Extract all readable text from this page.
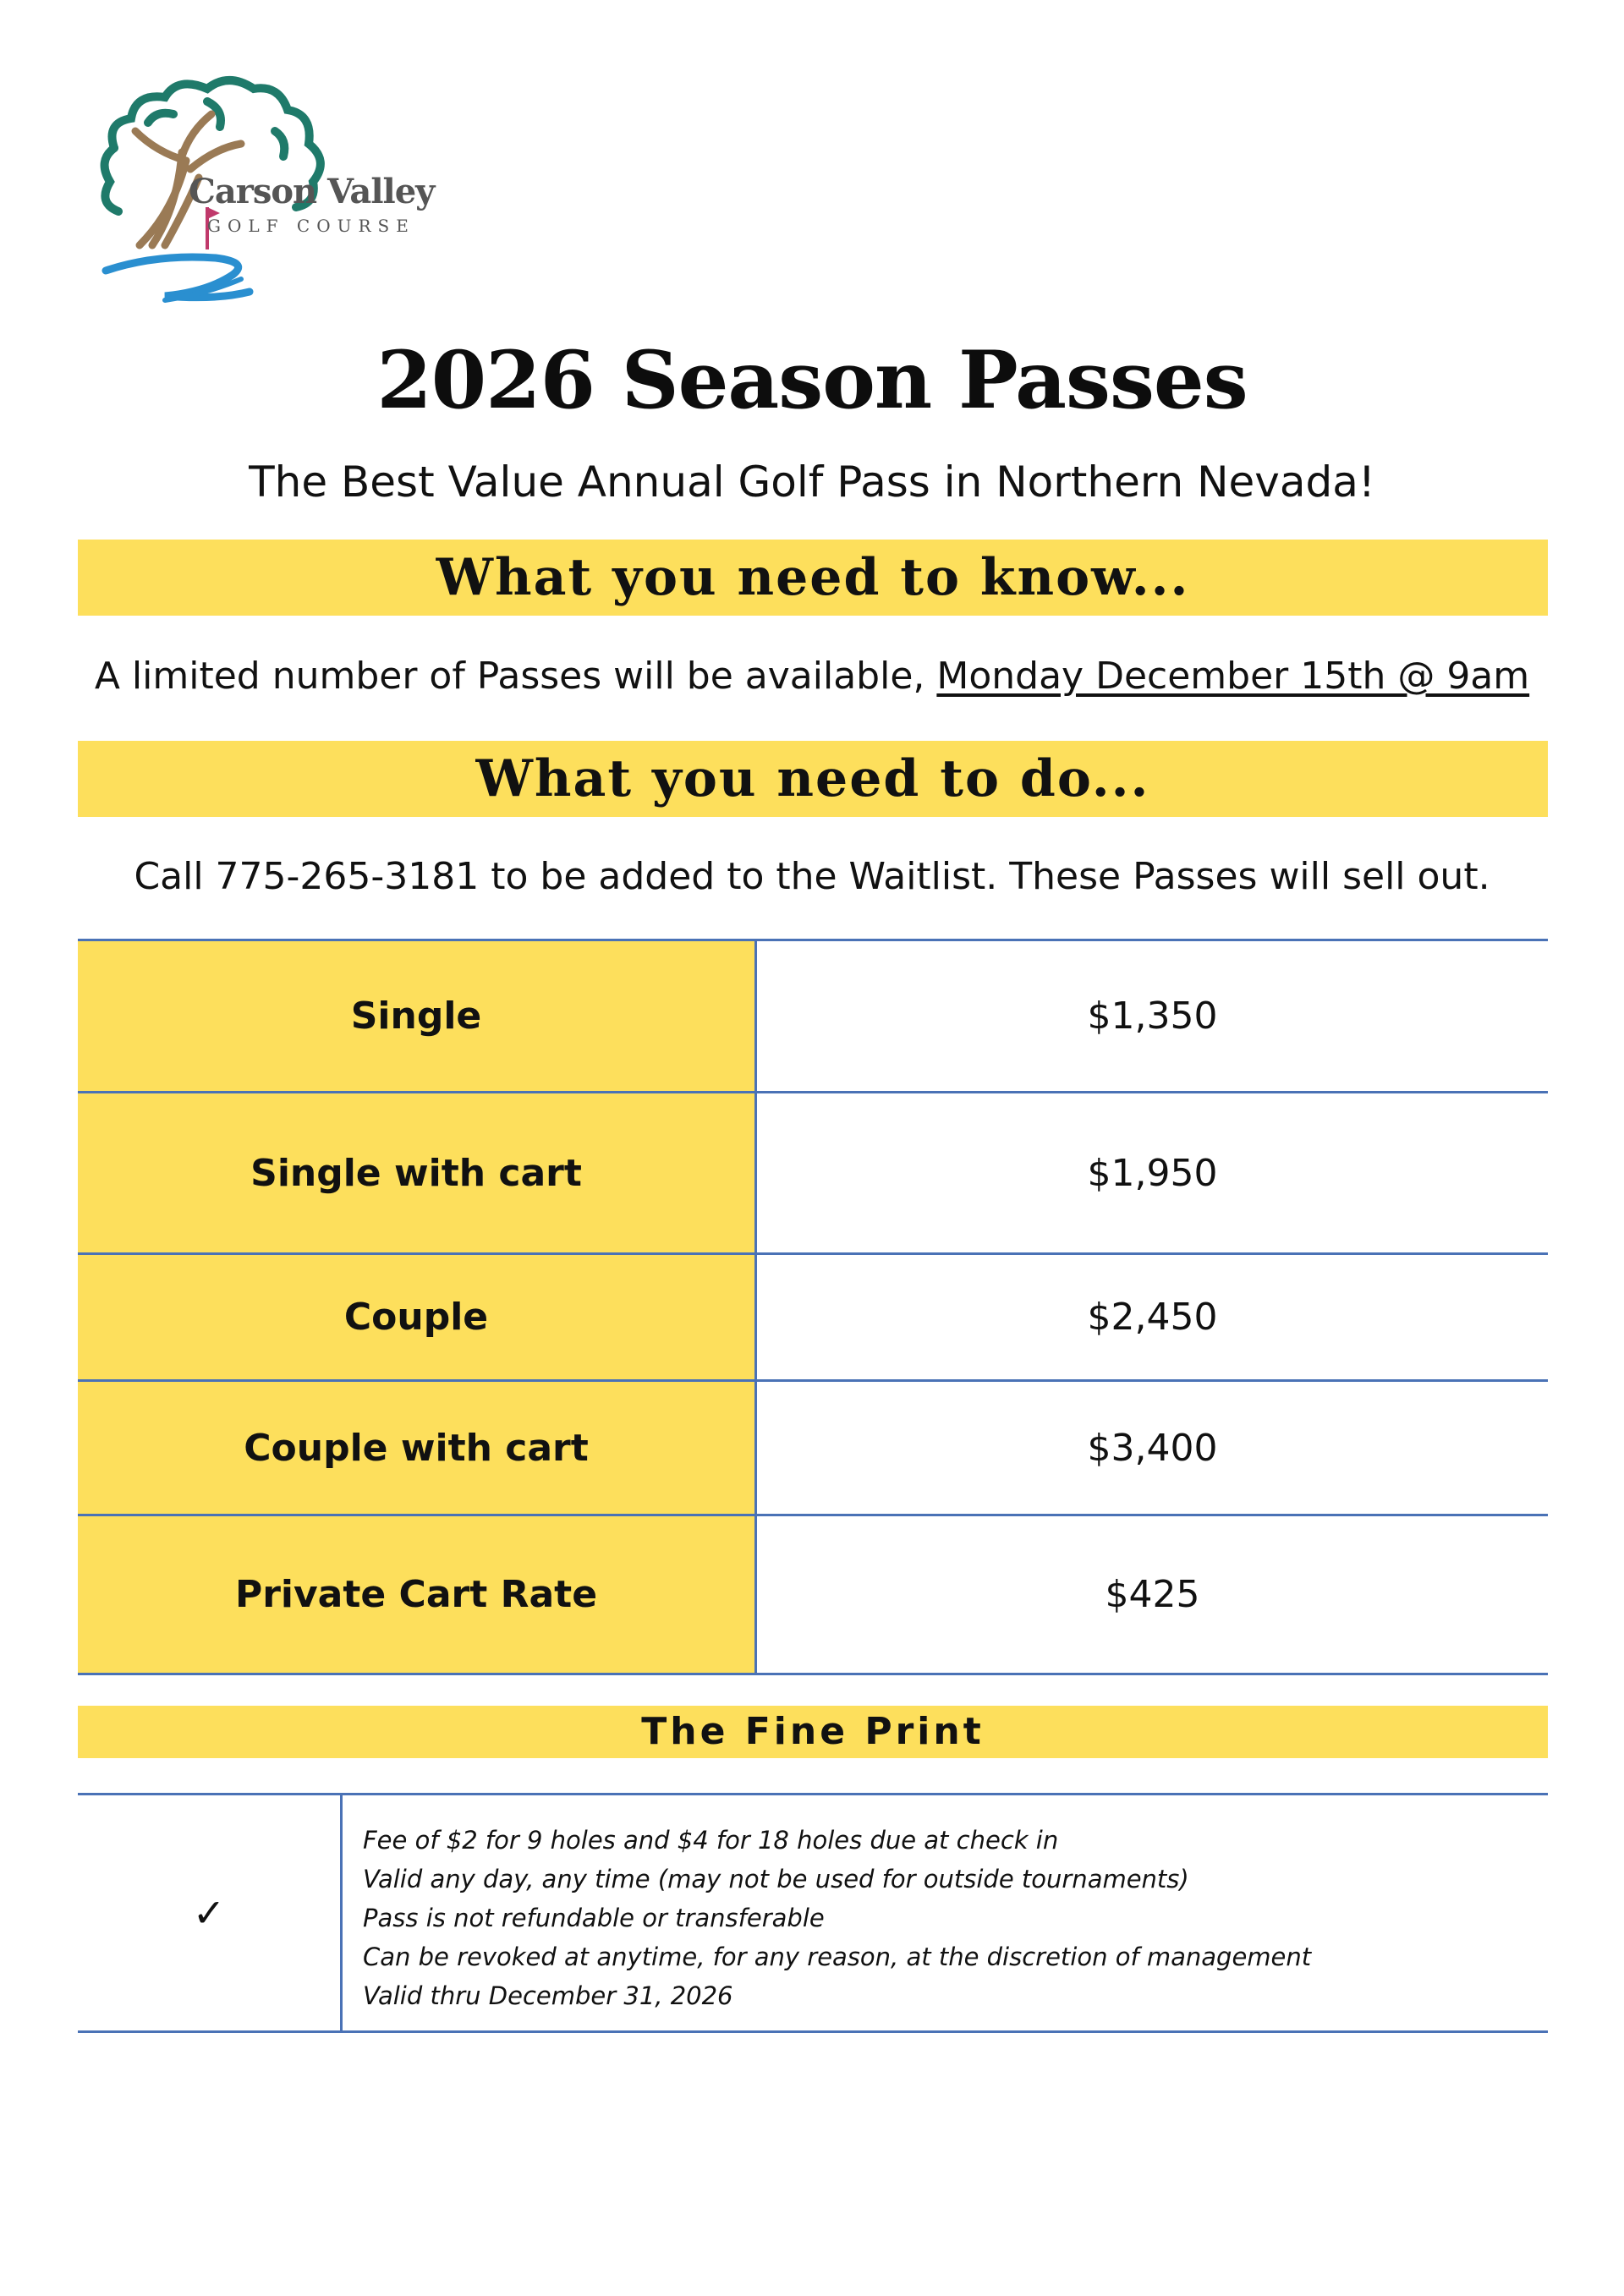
Carson Valley
GOLF COURSE
2026 Season Passes

The Best Value Annual Golf Pass in Northern Nevada!

What you need to know...
A limited number of Passes will be available, Monday December 15th @ 9am
What you need to do...
Call 775-265-3181 to be added to the Waitlist. These Passes will sell out.
Single	$1,350
Single with cart	$1,950
Couple	$2,450
Couple with cart	$3,400
Private Cart Rate	$425
The Fine Print
✓	
Fee of $2 for 9 holes and $4 for 18 holes due at check in
Valid any day, any time (may not be used for outside tournaments)
Pass is not refundable or transferable
Can be revoked at anytime, for any reason, at the discretion of management
Valid thru December 31, 2026
